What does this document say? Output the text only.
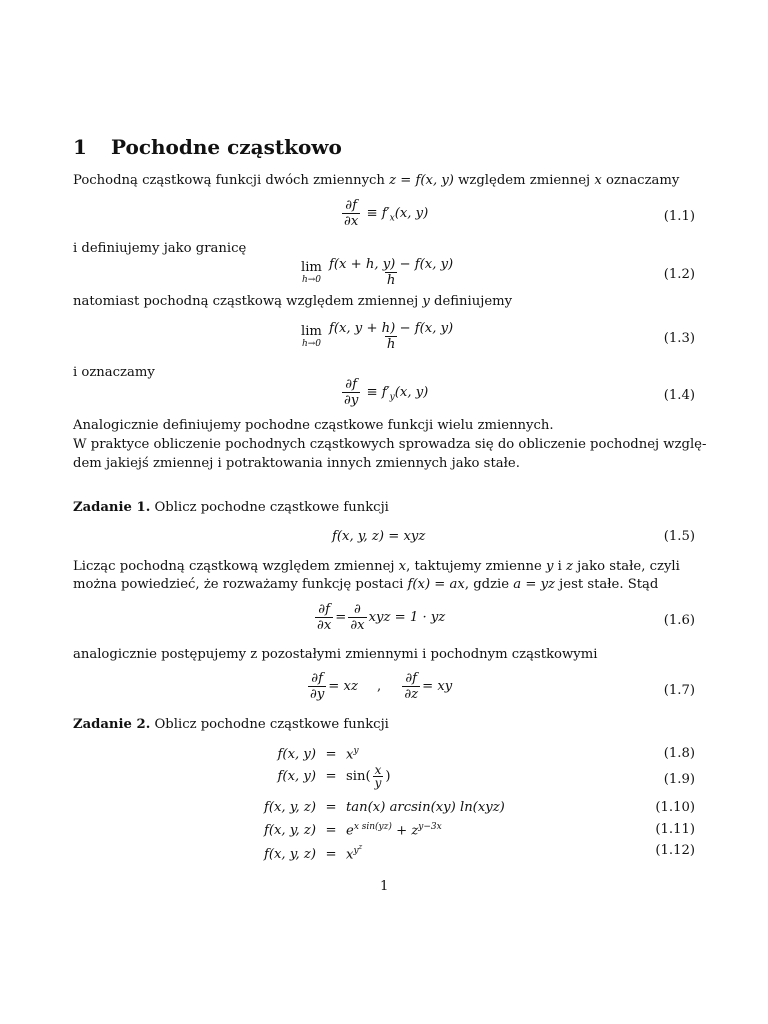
1 Pochodne cząstkowo
Pochodną cząstkową funkcji dwóch zmiennych z = f(x, y) względem zmiennej x oznaczamy
$\frac{\partial f}{\partial x} \equiv f'_x(x$, y)	(1.1)
i definiujemy jako granicę
lim
$h\to 0 \frac{f(x + h, y) - f(x, y)}{h}$	(1.2)
natomiast pochodną cząstkową względem zmiennej y definiujemy
lim
$h\to 0 \frac{f(x, y + h) - f(x, y)}{h}$	(1.3)
i oznaczamy
$\frac{\partial f}{\partial y} \equiv f'_y(x$, y)	(1.4)
Analogicznie definiujemy pochodne cząstkowe funkcji wielu zmiennych.
W praktyce obliczenie pochodnych cząstkowych sprowadza się do obliczenie pochodnej wzglę-
dem jakiejś zmiennej i potraktowania innych zmiennych jako stałe.
Zadanie 1. Oblicz pochodne cząstkowe funkcji
f(x, y, z) = xyz	(1.5)
Licząc pochodną cząstkową względem zmiennej x, taktujemy zmienne y i z jako stałe, czyli
można powiedzieć, że rozważamy funkcję postaci f(x) = ax, gdzie a = yz jest stałe. Stąd
$\frac{\partial f}{\partial x} = \frac{\partial}{\partial x}$ xyz = 1 · yz	(1.6)
analogicznie postępujemy z pozostałymi zmiennymi i pochodnym cząstkowymi
$\frac{\partial f}{\partial y}$ = xz , $\frac{\partial f}{\partial z}$ = xy	(1.7)
Zadanie 2. Oblicz pochodne cząstkowe funkcji
f(x, $y) = x^y$	(1.8)
f(x, $y) = \sin( \frac{x}{y}$ )	(1.9)
f(x, y, z) = tan(x) arcsin(xy) ln(xyz)	(1.10)
f(x, y, $z) = e^{x sin(yz)} + z^{y-3x}$	(1.11)
f(x, y, $z) = x^{y^z}$	(1.12)
1
